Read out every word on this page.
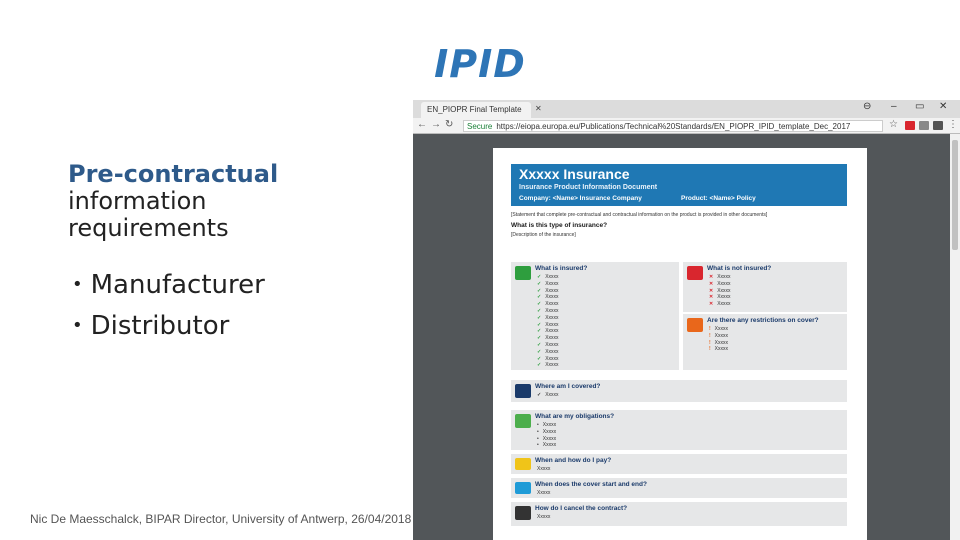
IPID
Pre-contractual
information
requirements
• Manufacturer
• Distributor
Nic De Maesschalck, BIPAR Director, University of Antwerp, 26/04/2018
EN_PIOPR Final Template	✕	⊖ – ▭ ✕
← → ↻	Secure https://eiopa.europa.eu/Publications/Technical%20Standards/EN_PIOPR_IPID_template_Dec_2017	☆	⋮
Xxxxx Insurance
Insurance Product Information Document
Company: <Name> Insurance Company	Product: <Name> Policy
[Statement that complete pre-contractual and contractual information on the product is provided in other documents]
What is this type of insurance?
[Description of the insurance]
What is insured?
✓ Xxxxx
✓ Xxxxx
✓ Xxxxx
✓ Xxxxx
✓ Xxxxx
✓ Xxxxx
✓ Xxxxx
✓ Xxxxx
✓ Xxxxx
✓ Xxxxx
✓ Xxxxx
✓ Xxxxx
✓ Xxxxx
✓ Xxxxx
What is not insured?
✕ Xxxxx
✕ Xxxxx
✕ Xxxxx
✕ Xxxxx
✕ Xxxxx
Are there any restrictions on cover?
! Xxxxx
! Xxxxx
! Xxxxx
! Xxxxx
Where am I covered?
✓ Xxxxx
What are my obligations?
• Xxxxx
• Xxxxx
• Xxxxx
• Xxxxx
When and how do I pay?
Xxxxx
When does the cover start and end?
Xxxxx
How do I cancel the contract?
Xxxxx
